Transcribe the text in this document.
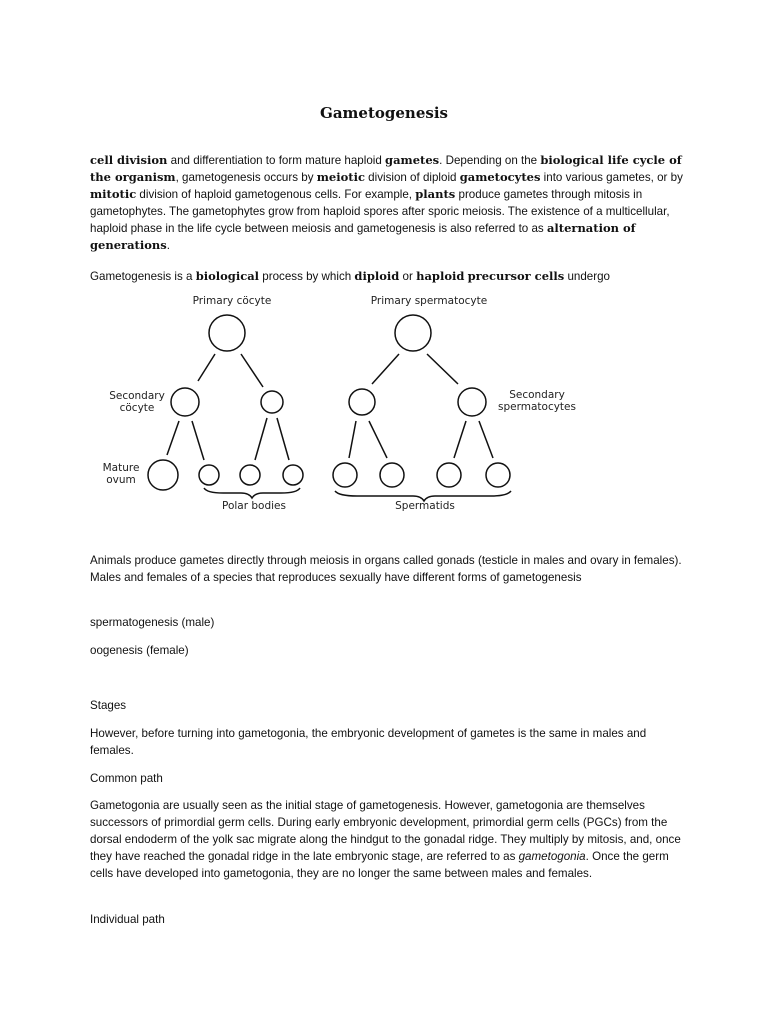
Gametogenesis

cell division and differentiation to form mature haploid gametes. Depending on the biological life cycle of the organism, gametogenesis occurs by meiotic division of diploid gametocytes into various gametes, or by mitotic division of haploid gametogenous cells. For example, plants produce gametes through mitosis in gametophytes. The gametophytes grow from haploid spores after sporic meiosis. The existence of a multicellular, haploid phase in the life cycle between meiosis and gametogenesis is also referred to as alternation of generations.

Gametogenesis is a biological process by which diploid or haploid precursor cells undergo

Primary cöcyte	Primary spermatocyte
Secondary
cöcyte
Secondary
spermatocytes
Mature
ovum
Polar bodies	Spermatids

Animals produce gametes directly through meiosis in organs called gonads (testicle in males and ovary in females). Males and females of a species that reproduces sexually have different forms of gametogenesis

spermatogenesis (male)

oogenesis (female)

Stages

However, before turning into gametogonia, the embryonic development of gametes is the same in males and females.

Common path

Gametogonia are usually seen as the initial stage of gametogenesis. However, gametogonia are themselves successors of primordial germ cells. During early embryonic development, primordial germ cells (PGCs) from the dorsal endoderm of the yolk sac migrate along the hindgut to the gonadal ridge. They multiply by mitosis, and, once they have reached the gonadal ridge in the late embryonic stage, are referred to as gametogonia. Once the germ cells have developed into gametogonia, they are no longer the same between males and females.

Individual path
